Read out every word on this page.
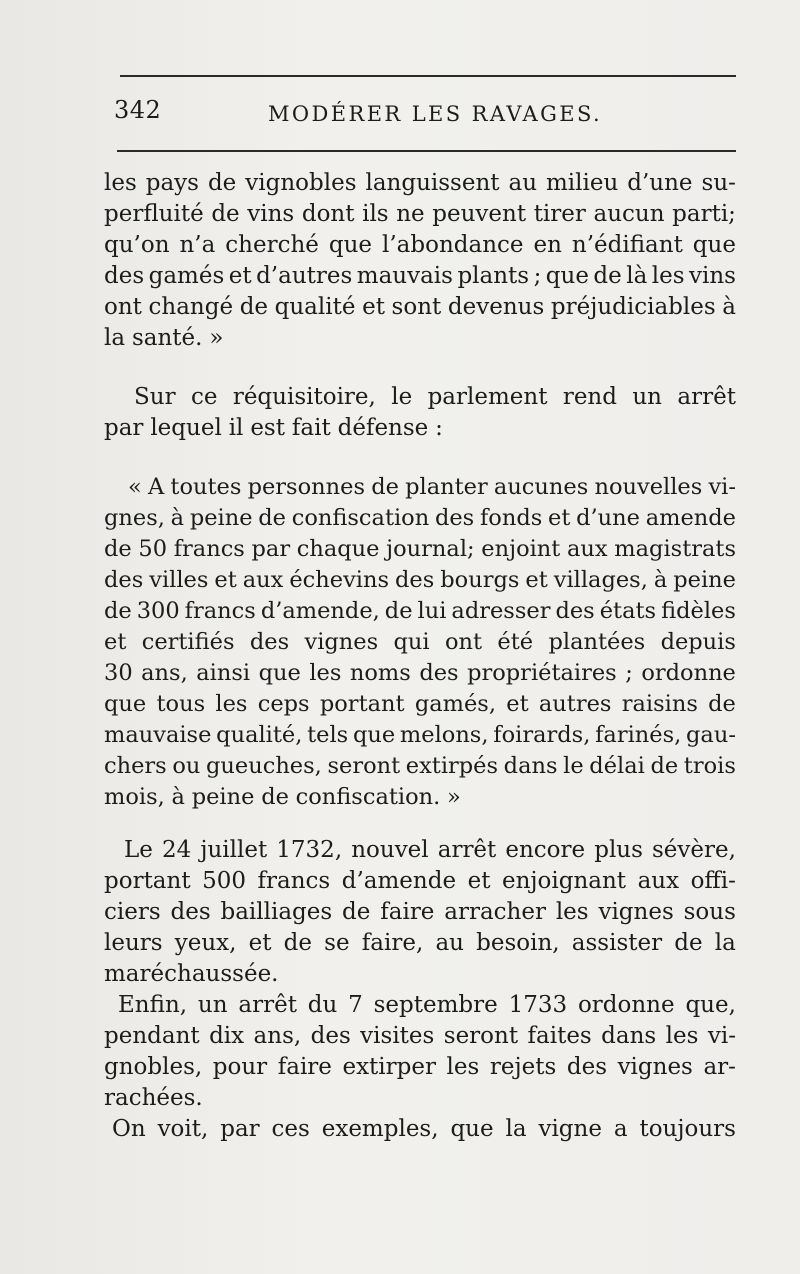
342	MODÉRER LES RAVAGES.
les pays de vignobles languissent au milieu d’une su-
perfluité de vins dont ils ne peuvent tirer aucun parti;
qu’on n’a cherché que l’abondance en n’édifiant que
des gamés et d’autres mauvais plants ; que de là les vins
ont changé de qualité et sont devenus préjudiciables à
la santé. »
Sur ce réquisitoire, le parlement rend un arrêt
par lequel il est fait défense :
« A toutes personnes de planter aucunes nouvelles vi-
gnes, à peine de confiscation des fonds et d’une amende
de 50 francs par chaque journal; enjoint aux magistrats
des villes et aux échevins des bourgs et villages, à peine
de 300 francs d’amende, de lui adresser des états fidèles
et certifiés des vignes qui ont été plantées depuis
30 ans, ainsi que les noms des propriétaires ; ordonne
que tous les ceps portant gamés, et autres raisins de
mauvaise qualité, tels que melons, foirards, farinés, gau-
chers ou gueuches, seront extirpés dans le délai de trois
mois, à peine de confiscation. »
Le 24 juillet 1732, nouvel arrêt encore plus sévère,
portant 500 francs d’amende et enjoignant aux offi-
ciers des bailliages de faire arracher les vignes sous
leurs yeux, et de se faire, au besoin, assister de la
maréchaussée.
Enfin, un arrêt du 7 septembre 1733 ordonne que,
pendant dix ans, des visites seront faites dans les vi-
gnobles, pour faire extirper les rejets des vignes ar-
rachées.
On voit, par ces exemples, que la vigne a toujours
